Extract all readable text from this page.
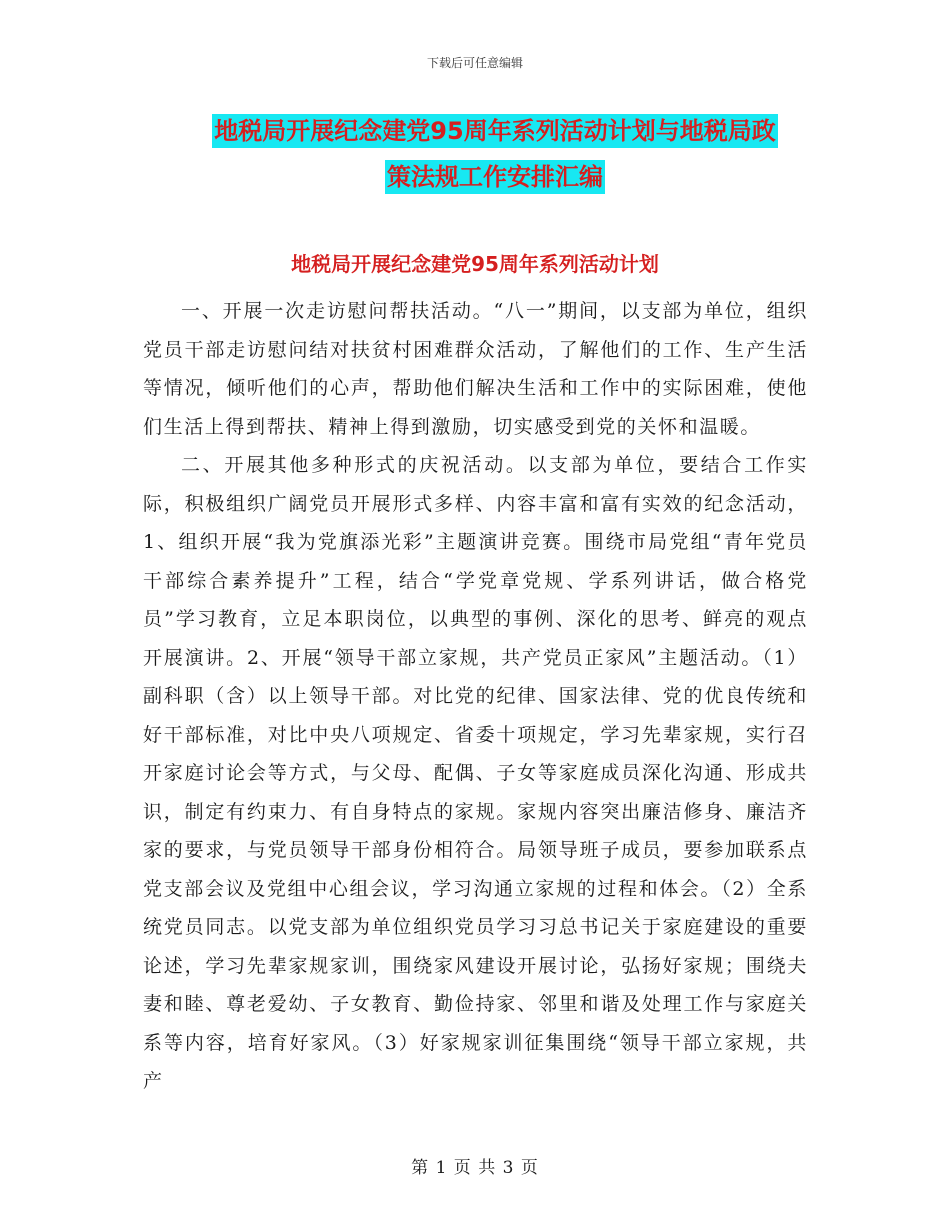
下载后可任意编辑
地税局开展纪念建党95周年系列活动计划与地税局政
策法规工作安排汇编
地税局开展纪念建党95周年系列活动计划

一、开展一次走访慰问帮扶活动。“八一”期间，以支部为单位，组织党员干部走访慰问结对扶贫村困难群众活动，了解他们的工作、生产生活等情况，倾听他们的心声，帮助他们解决生活和工作中的实际困难，使他们生活上得到帮扶、精神上得到激励，切实感受到党的关怀和温暖。

二、开展其他多种形式的庆祝活动。以支部为单位，要结合工作实际，积极组织广阔党员开展形式多样、内容丰富和富有实效的纪念活动，1、组织开展“我为党旗添光彩”主题演讲竞赛。围绕市局党组“青年党员干部综合素养提升”工程，结合“学党章党规、学系列讲话，做合格党员”学习教育，立足本职岗位，以典型的事例、深化的思考、鲜亮的观点开展演讲。2、开展“领导干部立家规，共产党员正家风”主题活动。（1）副科职（含）以上领导干部。对比党的纪律、国家法律、党的优良传统和好干部标准，对比中央八项规定、省委十项规定，学习先辈家规，实行召开家庭讨论会等方式，与父母、配偶、子女等家庭成员深化沟通、形成共识，制定有约束力、有自身特点的家规。家规内容突出廉洁修身、廉洁齐家的要求，与党员领导干部身份相符合。局领导班子成员，要参加联系点党支部会议及党组中心组会议，学习沟通立家规的过程和体会。（2）全系统党员同志。以党支部为单位组织党员学习习总书记关于家庭建设的重要论述，学习先辈家规家训，围绕家风建设开展讨论，弘扬好家规；围绕夫妻和睦、尊老爱幼、子女教育、勤俭持家、邻里和谐及处理工作与家庭关系等内容，培育好家风。（3）好家规家训征集围绕“领导干部立家规，共产

第 1 页 共 3 页
